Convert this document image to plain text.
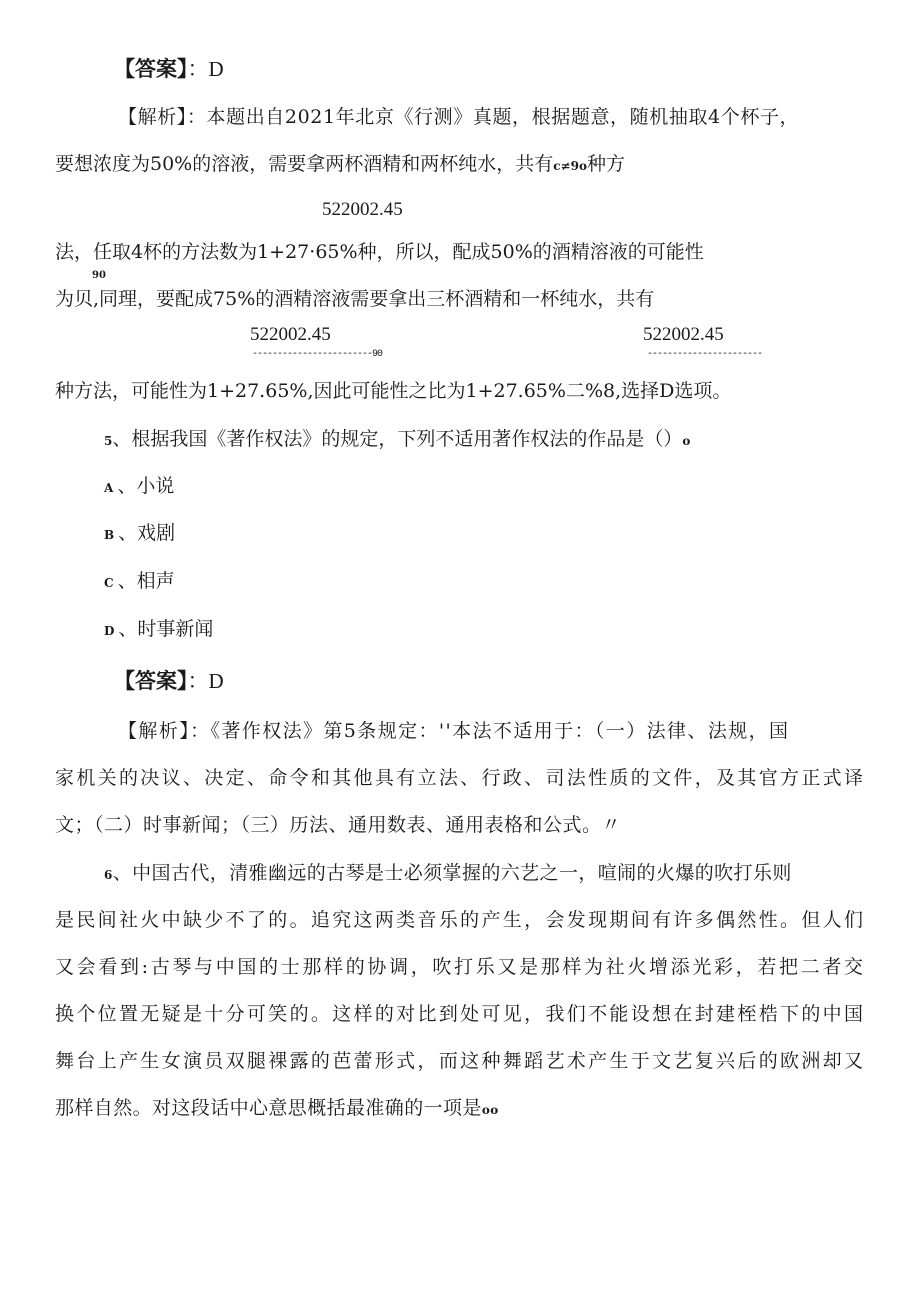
【答案】：D
【解析】：本题出自2021年北京《行测》真题，根据题意，随机抽取4个杯子，
要想浓度为50%的溶液，需要拿两杯酒精和两杯纯水，共有c≠9o种方
522002.45
法，任取4杯的方法数为1+27·65%种，所以，配成50%的酒精溶液的可能性
90
为贝,同理，要配成75%的酒精溶液需要拿出三杯酒精和一杯纯水，共有
522002.45	522002.45
------------------------90	-----------------------
种方法，可能性为1+27.65%,因此可能性之比为1+27.65%二%8,选择D选项。
5、根据我国《著作权法》的规定，下列不适用著作权法的作品是（）o
A 、小说
B 、戏剧
C 、相声
D 、时事新闻
【答案】：D
【解析】：《著作权法》第5条规定：''本法不适用于：（一）法律、法规，国
家机关的决议、决定、命令和其他具有立法、行政、司法性质的文件，及其官方正式译
文；（二）时事新闻；（三）历法、通用数表、通用表格和公式。〃
6、中国古代，清雅幽远的古琴是士必须掌握的六艺之一，喧闹的火爆的吹打乐则
是民间社火中缺少不了的。追究这两类音乐的产生，会发现期间有许多偶然性。但人们
又会看到:古琴与中国的士那样的协调，吹打乐又是那样为社火增添光彩，若把二者交
换个位置无疑是十分可笑的。这样的对比到处可见，我们不能设想在封建桎梏下的中国
舞台上产生女演员双腿裸露的芭蕾形式，而这种舞蹈艺术产生于文艺复兴后的欧洲却又
那样自然。对这段话中心意思概括最准确的一项是oo
